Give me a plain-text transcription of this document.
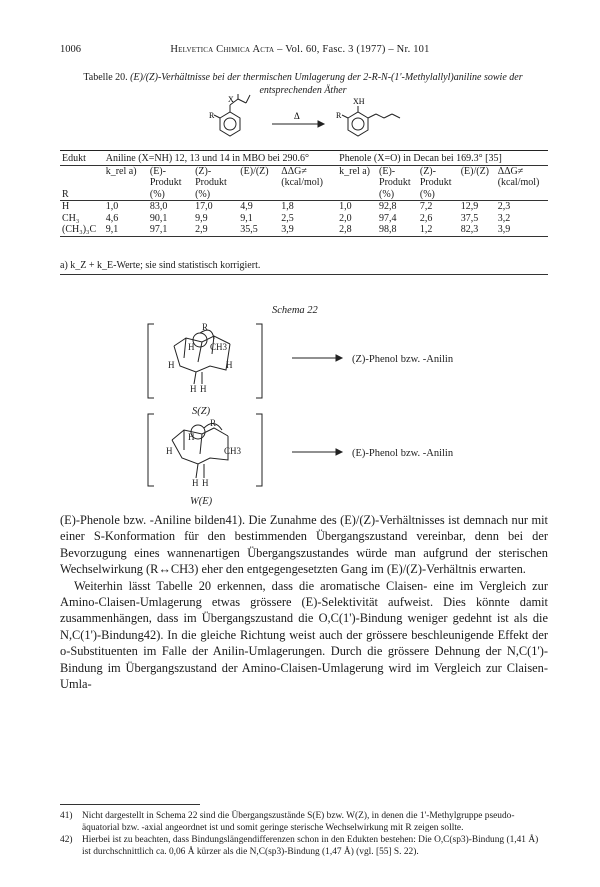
1006	Helvetica Chimica Acta – Vol. 60, Fasc. 3 (1977) – Nr. 101
Tabelle 20. (E)/(Z)-Verhältnisse bei der thermischen Umlagerung der 2-R-N-(1'-Methylallyl)aniline sowie der entsprechenden Äther
X
R	Δ
XH
R
Edukt	Aniline (X=NH) 12, 13 und 14 in MBO bei 290.6°					Phenole (X=O) in Decan bei 169.3° [35]				
	k_rel a)	(E)-	(Z)-	(E)/(Z)	ΔΔG≠	k_rel a)	(E)-	(Z)-	(E)/(Z)	ΔΔG≠
		Produkt	Produkt		(kcal/mol)		Produkt	Produkt		(kcal/mol)
R		(%)	(%)				(%)	(%)		
H	1,0	83,0	17,0	4,9	1,8	1,0	92,8	7,2	12,9	2,3
CH₃	4,6	90,1	9,9	9,1	2,5	2,0	97,4	2,6	37,5	3,2
(CH₃)₃C	9,1	97,1	2,9	35,5	3,9	2,8	98,8	1,2	82,3	3,9

a) k_Z + k_E-Werte; sie sind statistisch korrigiert.
Schema 22
R
H CH3
H	H
H H
R
H
H	CH3
H H
S(Z)
(Z)-Phenol bzw. -Anilin
W(E)
(E)-Phenol bzw. -Anilin

(E)-Phenole bzw. -Aniline bilden41). Die Zunahme des (E)/(Z)-Verhältnisses ist demnach nur mit einer S-Konformation für den bestimmenden Übergangszustand vereinbar, denn bei der Bevorzugung eines wannenartigen Übergangszustandes würde man aufgrund der sterischen Wechselwirkung (R↔CH3) eher den entgegengesetzten Gang im (E)/(Z)-Verhältnis erwarten.

Weiterhin lässt Tabelle 20 erkennen, dass die aromatische Claisen- eine im Vergleich zur Amino-Claisen-Umlagerung etwas grössere (E)-Selektivität aufweist. Dies könnte damit zusammenhängen, dass im Übergangszustand die O,C(1')-Bindung weniger gedehnt ist als die N,C(1')-Bindung42). In die gleiche Richtung weist auch der grössere beschleunigende Effekt der o-Substituenten im Falle der Anilin-Umlagerungen. Durch die grössere Dehnung der N,C(1')-Bindung im Übergangszustand der Amino-Claisen-Umlagerung wird im Vergleich zur Claisen-Umla-

41) Nicht dargestellt in Schema 22 sind die Übergangszustände S(E) bzw. W(Z), in denen die 1'-Methylgruppe pseudo-äquatorial bzw. -axial angeordnet ist und somit geringe sterische Wechselwirkung mit R zeigen sollte.
42) Hierbei ist zu beachten, dass Bindungslängendifferenzen schon in den Edukten bestehen: Die O,C(sp3)-Bindung (1,41 Å) ist durchschnittlich ca. 0,06 Å kürzer als die N,C(sp3)-Bindung (1,47 Å) (vgl. [55] S. 22).
